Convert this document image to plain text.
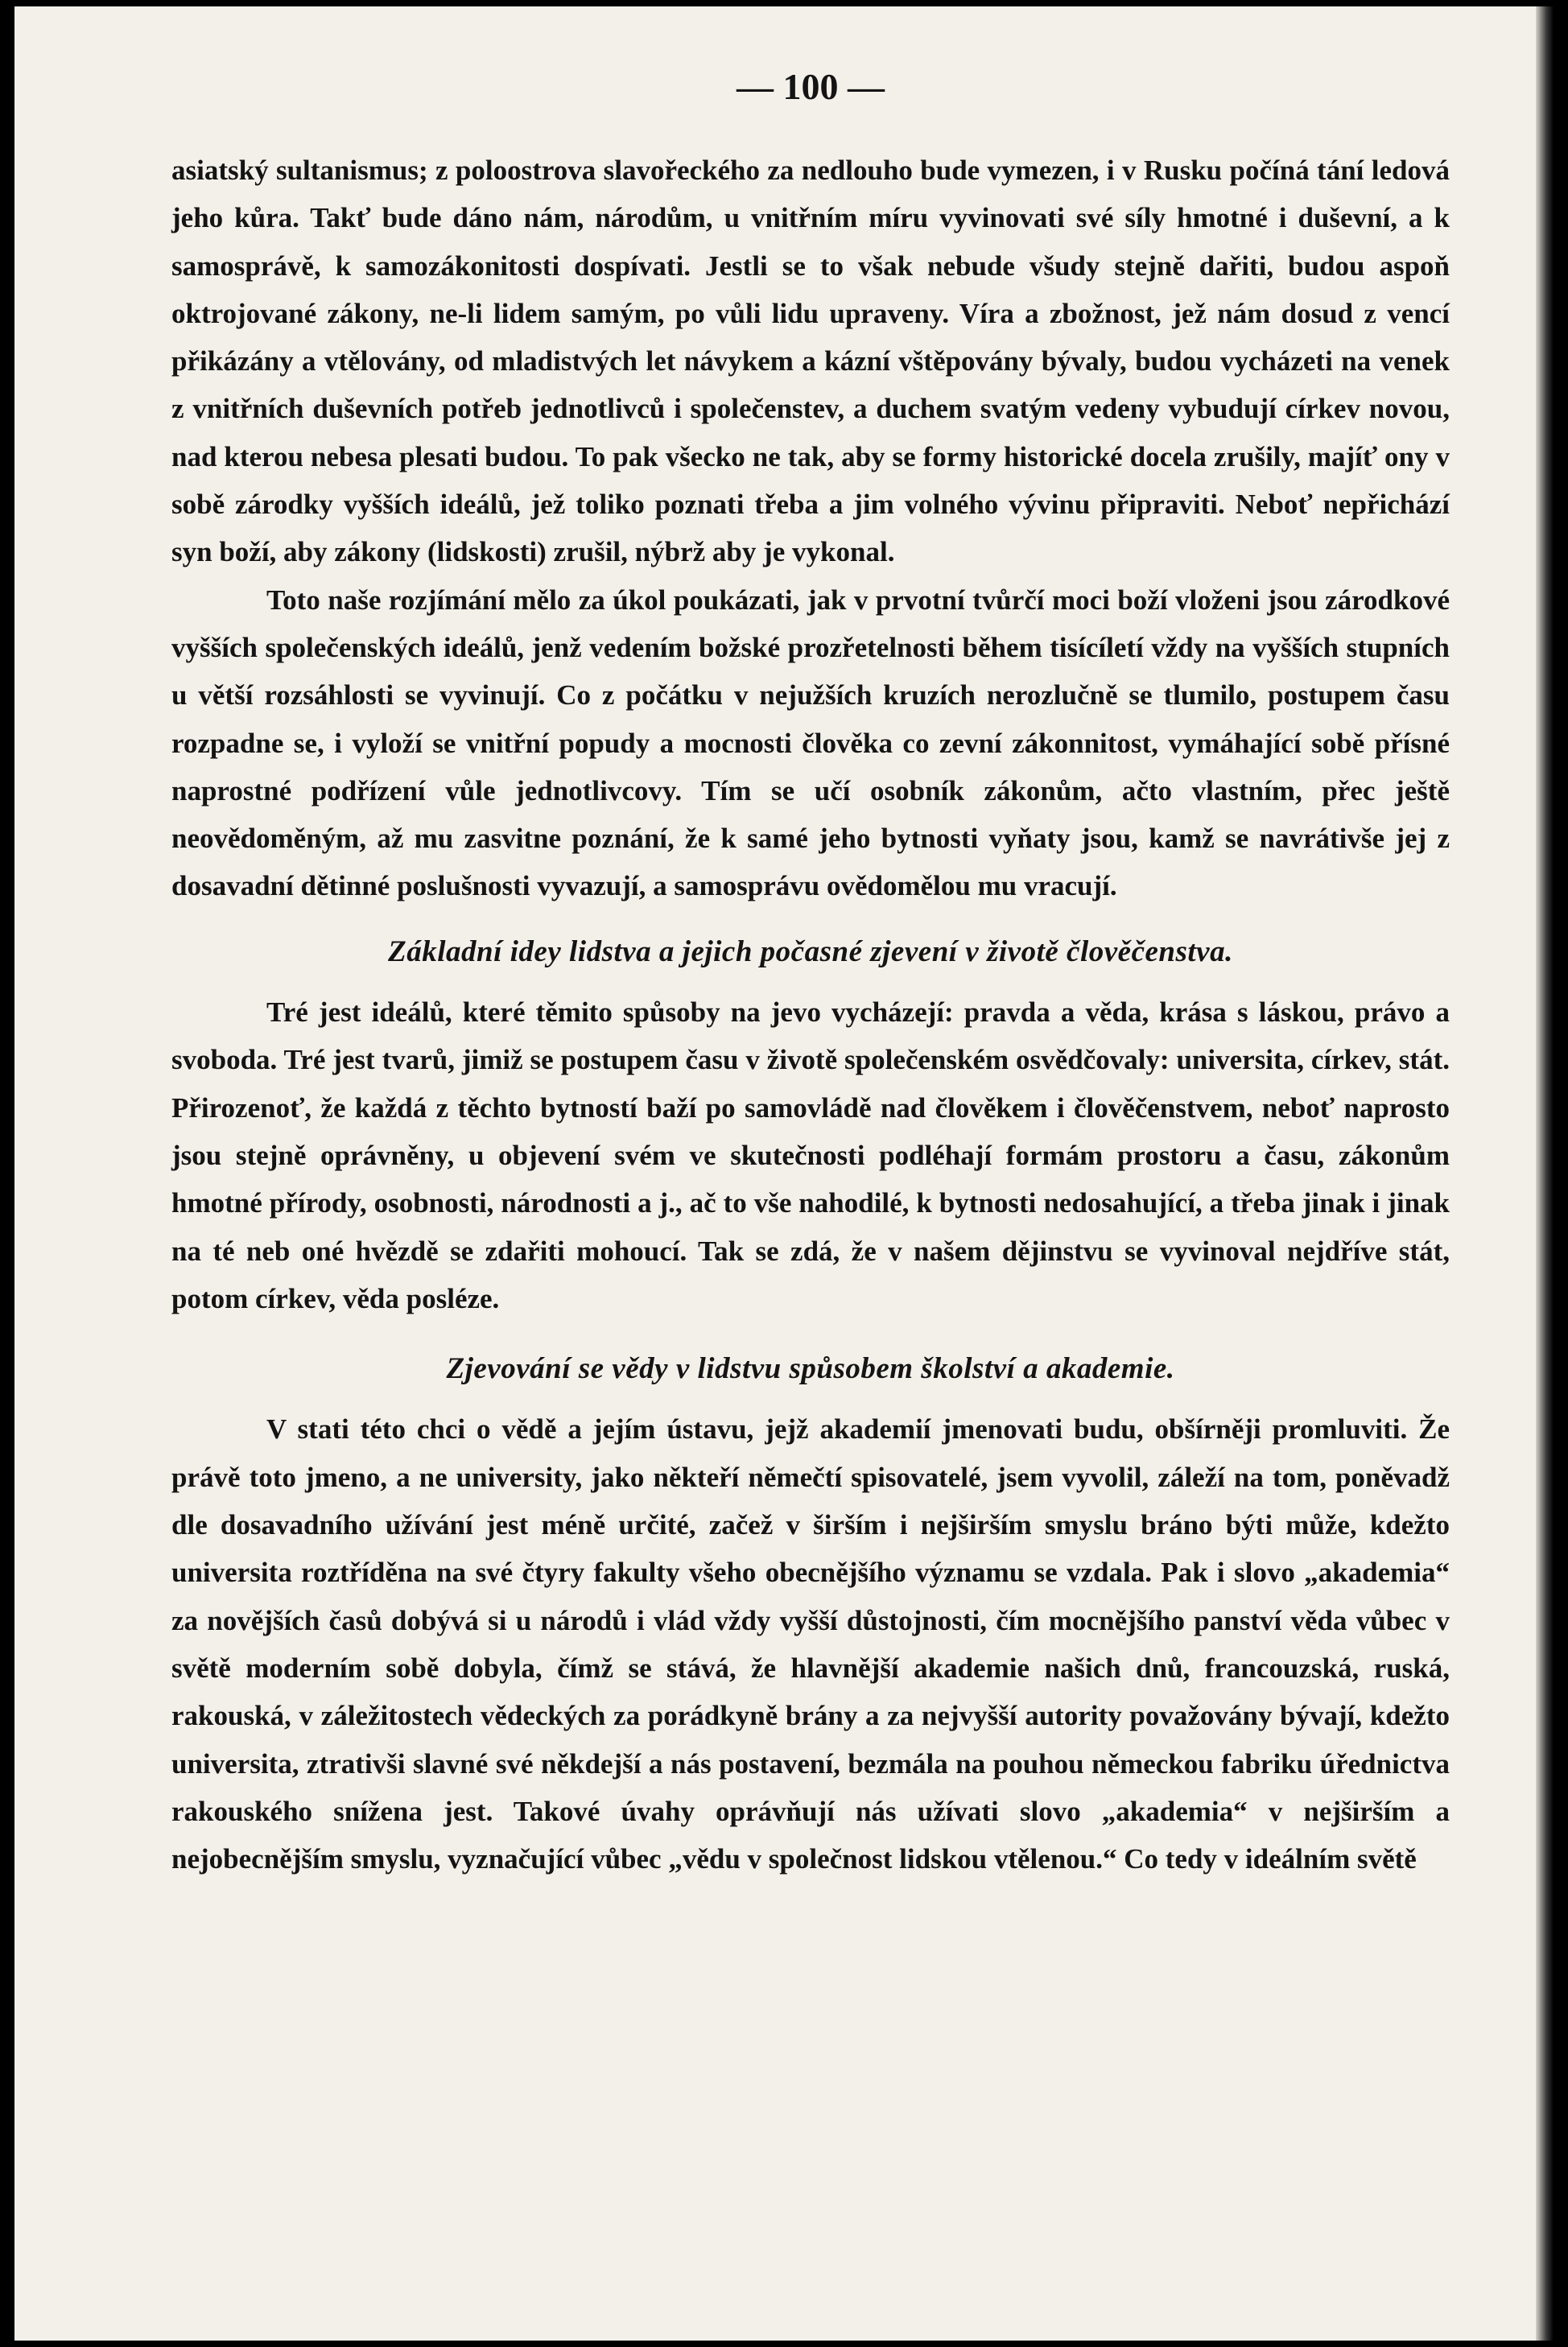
— 100 —

asiatský sultanismus; z poloostrova slavořeckého za nedlouho bude vymezen, i v Rusku počíná tání ledová jeho kůra. Takť bude dáno nám, národům, u vnitřním míru vyvinovati své síly hmotné i duševní, a k samosprávě, k samozákonitosti dospívati. Jestli se to však nebude všudy stejně dařiti, budou aspoň oktrojované zákony, ne-li lidem samým, po vůli lidu upraveny. Víra a zbožnost, jež nám dosud z vencí přikázány a vtělovány, od mladistvých let návykem a kázní vštěpovány bývaly, budou vycházeti na venek z vnitřních duševních potřeb jednotlivců i společenstev, a duchem svatým vedeny vybudují církev novou, nad kterou nebesa plesati budou. To pak všecko ne tak, aby se formy historické docela zrušily, majíť ony v sobě zárodky vyšších ideálů, jež toliko poznati třeba a jim volného vývinu připraviti. Neboť nepřichází syn boží, aby zákony (lidskosti) zrušil, nýbrž aby je vykonal.

Toto naše rozjímání mělo za úkol poukázati, jak v prvotní tvůrčí moci boží vloženi jsou zárodkové vyšších společenských ideálů, jenž vedením božské prozřetelnosti během tisícíletí vždy na vyšších stupních u větší rozsáhlosti se vyvinují. Co z počátku v nejužších kruzích nerozlučně se tlumilo, postupem času rozpadne se, i vyloží se vnitřní popudy a mocnosti člověka co zevní zákonnitost, vymáhající sobě přísné naprostné podřízení vůle jednotlivcovy. Tím se učí osobník zákonům, ačto vlastním, přec ještě neovědoměným, až mu zasvitne poznání, že k samé jeho bytnosti vyňaty jsou, kamž se navrátivše jej z dosavadní dětinné poslušnosti vyvazují, a samosprávu ovědomělou mu vracují.

Základní idey lidstva a jejich počasné zjevení v životě člověčenstva.

Tré jest ideálů, které těmito spůsoby na jevo vycházejí: pravda a věda, krása s láskou, právo a svoboda. Tré jest tvarů, jimiž se postupem času v životě společenském osvědčovaly: universita, církev, stát. Přirozenoť, že každá z těchto bytností baží po samovládě nad člověkem i člověčenstvem, neboť naprosto jsou stejně oprávněny, u objevení svém ve skutečnosti podléhají formám prostoru a času, zákonům hmotné přírody, osobnosti, národnosti a j., ač to vše nahodilé, k bytnosti nedosahující, a třeba jinak i jinak na té neb oné hvězdě se zdařiti mohoucí. Tak se zdá, že v našem dějinstvu se vyvinoval nejdříve stát, potom církev, věda posléze.

Zjevování se vědy v lidstvu spůsobem školství a akademie.

V stati této chci o vědě a jejím ústavu, jejž akademií jmenovati budu, obšírněji promluviti. Že právě toto jmeno, a ne university, jako někteří němečtí spisovatelé, jsem vyvolil, záleží na tom, poněvadž dle dosavadního užívání jest méně určité, začež v širším i nejširším smyslu bráno býti může, kdežto universita roztříděna na své čtyry fakulty všeho obecnějšího významu se vzdala. Pak i slovo „akademia“ za novějších časů dobývá si u národů i vlád vždy vyšší důstojnosti, čím mocnějšího panství věda vůbec v světě moderním sobě dobyla, čímž se stává, že hlavnější akademie našich dnů, francouzská, ruská, rakouská, v záležitostech vědeckých za porádkyně brány a za nejvyšší autority považovány bývají, kdežto universita, ztrativši slavné své někdejší a nás postavení, bezmála na pouhou německou fabriku úřednictva rakouského snížena jest. Takové úvahy oprávňují nás užívati slovo „akademia“ v nejširším a nejobecnějším smyslu, vyznačující vůbec „vědu v společnost lidskou vtělenou.“ Co tedy v ideálním světě
